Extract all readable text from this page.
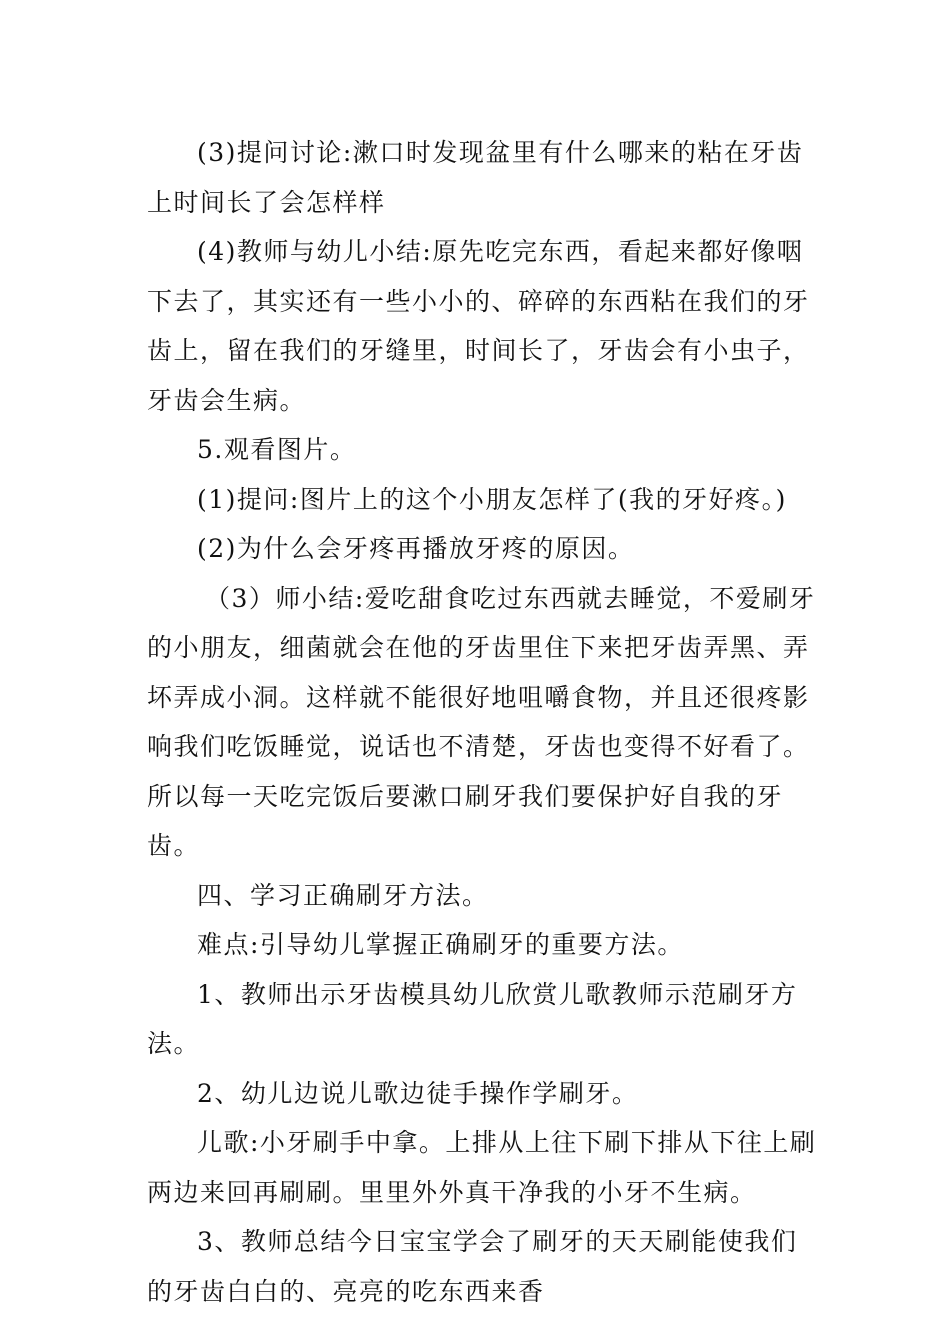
(3)提问讨论:漱口时发现盆里有什么哪来的粘在牙齿上时间长了会怎样样

(4)教师与幼儿小结:原先吃完东西，看起来都好像咽下去了，其实还有一些小小的、碎碎的东西粘在我们的牙齿上，留在我们的牙缝里，时间长了，牙齿会有小虫子，牙齿会生病。

5.观看图片。

(1)提问:图片上的这个小朋友怎样了(我的牙好疼。)

(2)为什么会牙疼再播放牙疼的原因。

（3）师小结:爱吃甜食吃过东西就去睡觉，不爱刷牙的小朋友，细菌就会在他的牙齿里住下来把牙齿弄黑、弄坏弄成小洞。这样就不能很好地咀嚼食物，并且还很疼影响我们吃饭睡觉，说话也不清楚，牙齿也变得不好看了。所以每一天吃完饭后要漱口刷牙我们要保护好自我的牙齿。

四、学习正确刷牙方法。

难点:引导幼儿掌握正确刷牙的重要方法。

1、教师出示牙齿模具幼儿欣赏儿歌教师示范刷牙方法。

2、幼儿边说儿歌边徒手操作学刷牙。

儿歌:小牙刷手中拿。上排从上往下刷下排从下往上刷两边来回再刷刷。里里外外真干净我的小牙不生病。

3、教师总结今日宝宝学会了刷牙的天天刷能使我们的牙齿白白的、亮亮的吃东西来香
